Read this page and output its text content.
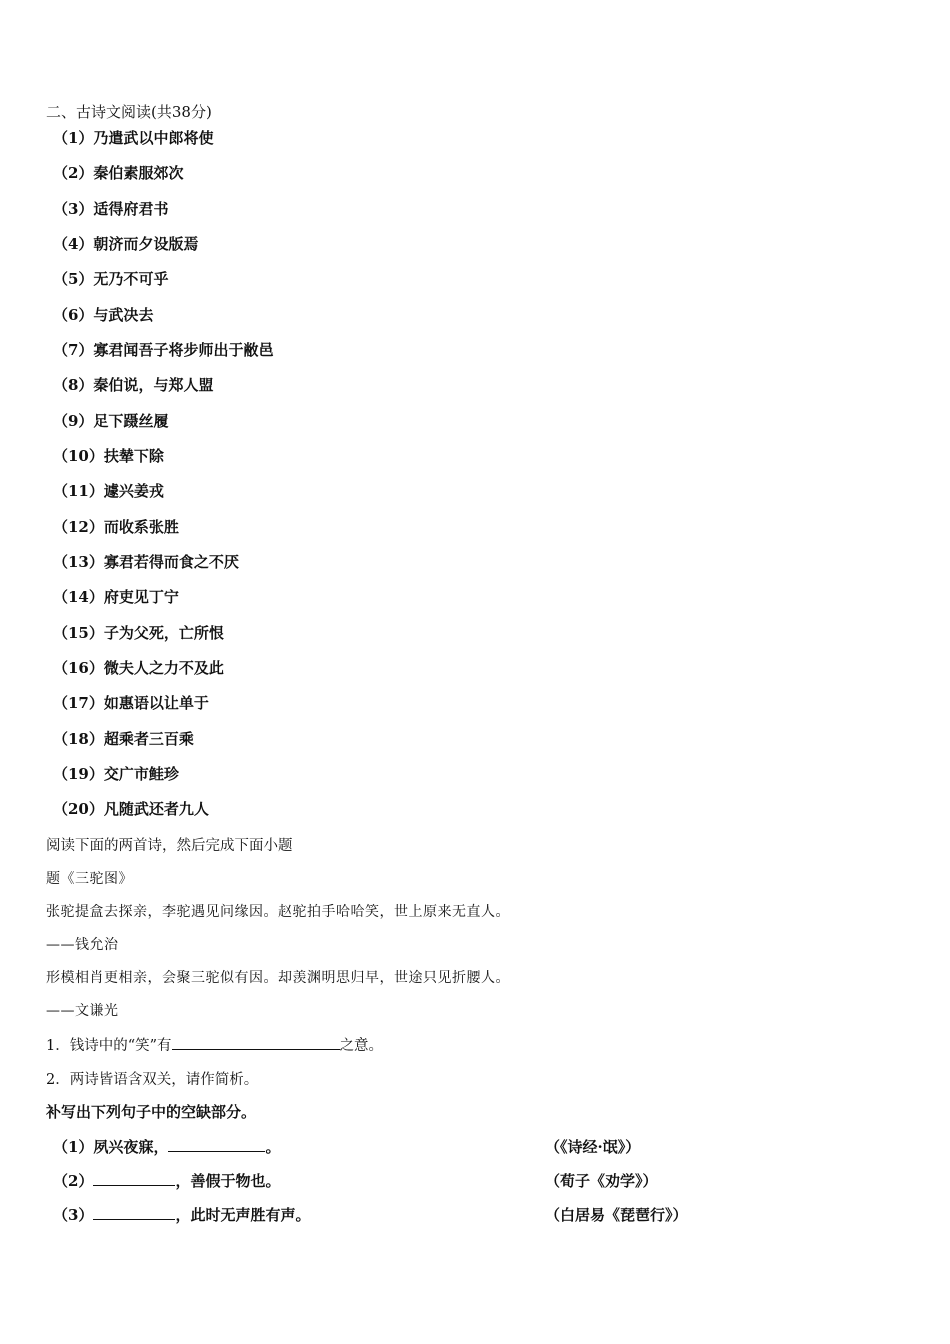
二、古诗文阅读(共38分)
（1）乃遣武以中郎将使
（2）秦伯素服郊次
（3）适得府君书
（4）朝济而夕设版焉
（5）无乃不可乎
（6）与武决去
（7）寡君闻吾子将步师出于敝邑
（8）秦伯说，与郑人盟
（9）足下蹑丝履
（10）扶辇下除
（11）遽兴姜戎
（12）而收系张胜
（13）寡君若得而食之不厌
（14）府吏见丁宁
（15）子为父死，亡所恨
（16）微夫人之力不及此
（17）如惠语以让单于
（18）超乘者三百乘
（19）交广市鲑珍
（20）凡随武还者九人
阅读下面的两首诗，然后完成下面小题
题《三驼图》
张驼提盒去探亲，李驼遇见问缘因。赵驼拍手哈哈笑，世上原来无直人。
——钱允治
形模相肖更相亲，会聚三驼似有因。却羡渊明思归早，世途只见折腰人。
——文谦光
1．钱诗中的“笑”有	之意。
2．两诗皆语含双关，请作简析。
补写出下列句子中的空缺部分。
（1）夙兴夜寐，	。	（《诗经·氓》）
（2）	，善假于物也。	（荀子《劝学》）
（3）	，此时无声胜有声。	（白居易《琵琶行》）
